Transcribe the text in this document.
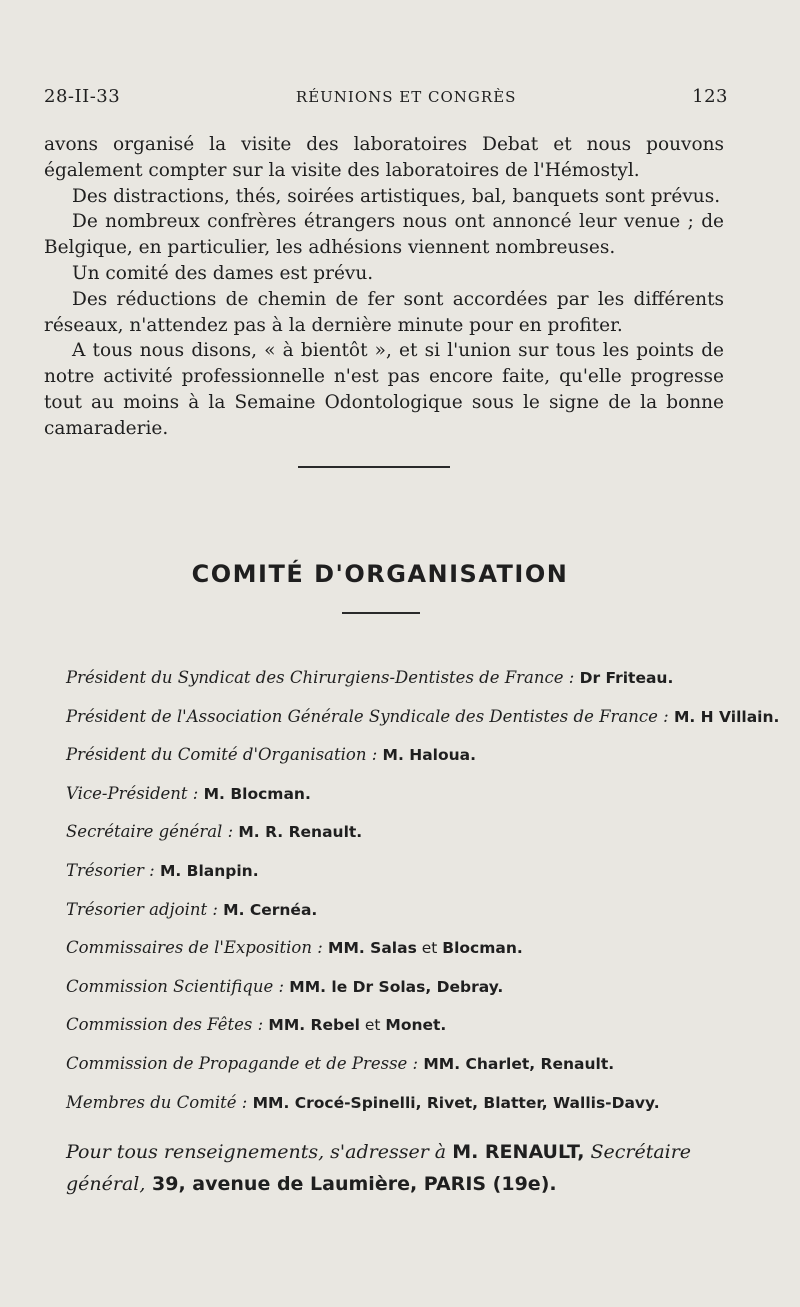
28-II-33	RÉUNIONS ET CONGRÈS	123

avons organisé la visite des laboratoires Debat et nous pouvons également compter sur la visite des laboratoires de l'Hémostyl.

Des distractions, thés, soirées artistiques, bal, banquets sont prévus.

De nombreux confrères étrangers nous ont annoncé leur venue ; de Belgique, en particulier, les adhésions viennent nombreuses.

Un comité des dames est prévu.

Des réductions de chemin de fer sont accordées par les différents réseaux, n'attendez pas à la dernière minute pour en profiter.

A tous nous disons, « à bientôt », et si l'union sur tous les points de notre activité professionnelle n'est pas encore faite, qu'elle progresse tout au moins à la Semaine Odontologique sous le signe de la bonne camaraderie.

COMITÉ D'ORGANISATION
Président du Syndicat des Chirurgiens-Dentistes de France : Dr Friteau.
Président de l'Association Générale Syndicale des Dentistes de France : M. H Villain.
Président du Comité d'Organisation : M. Haloua.
Vice-Président : M. Blocman.
Secrétaire général : M. R. Renault.
Trésorier : M. Blanpin.
Trésorier adjoint : M. Cernéa.
Commissaires de l'Exposition : MM. Salas et Blocman.
Commission Scientifique : MM. le Dr Solas, Debray.
Commission des Fêtes : MM. Rebel et Monet.
Commission de Propagande et de Presse : MM. Charlet, Renault.
Membres du Comité : MM. Crocé-Spinelli, Rivet, Blatter, Wallis-Davy.
Pour tous renseignements, s'adresser à M. RENAULT, Secrétaire général, 39, avenue de Laumière, PARIS (19e).
